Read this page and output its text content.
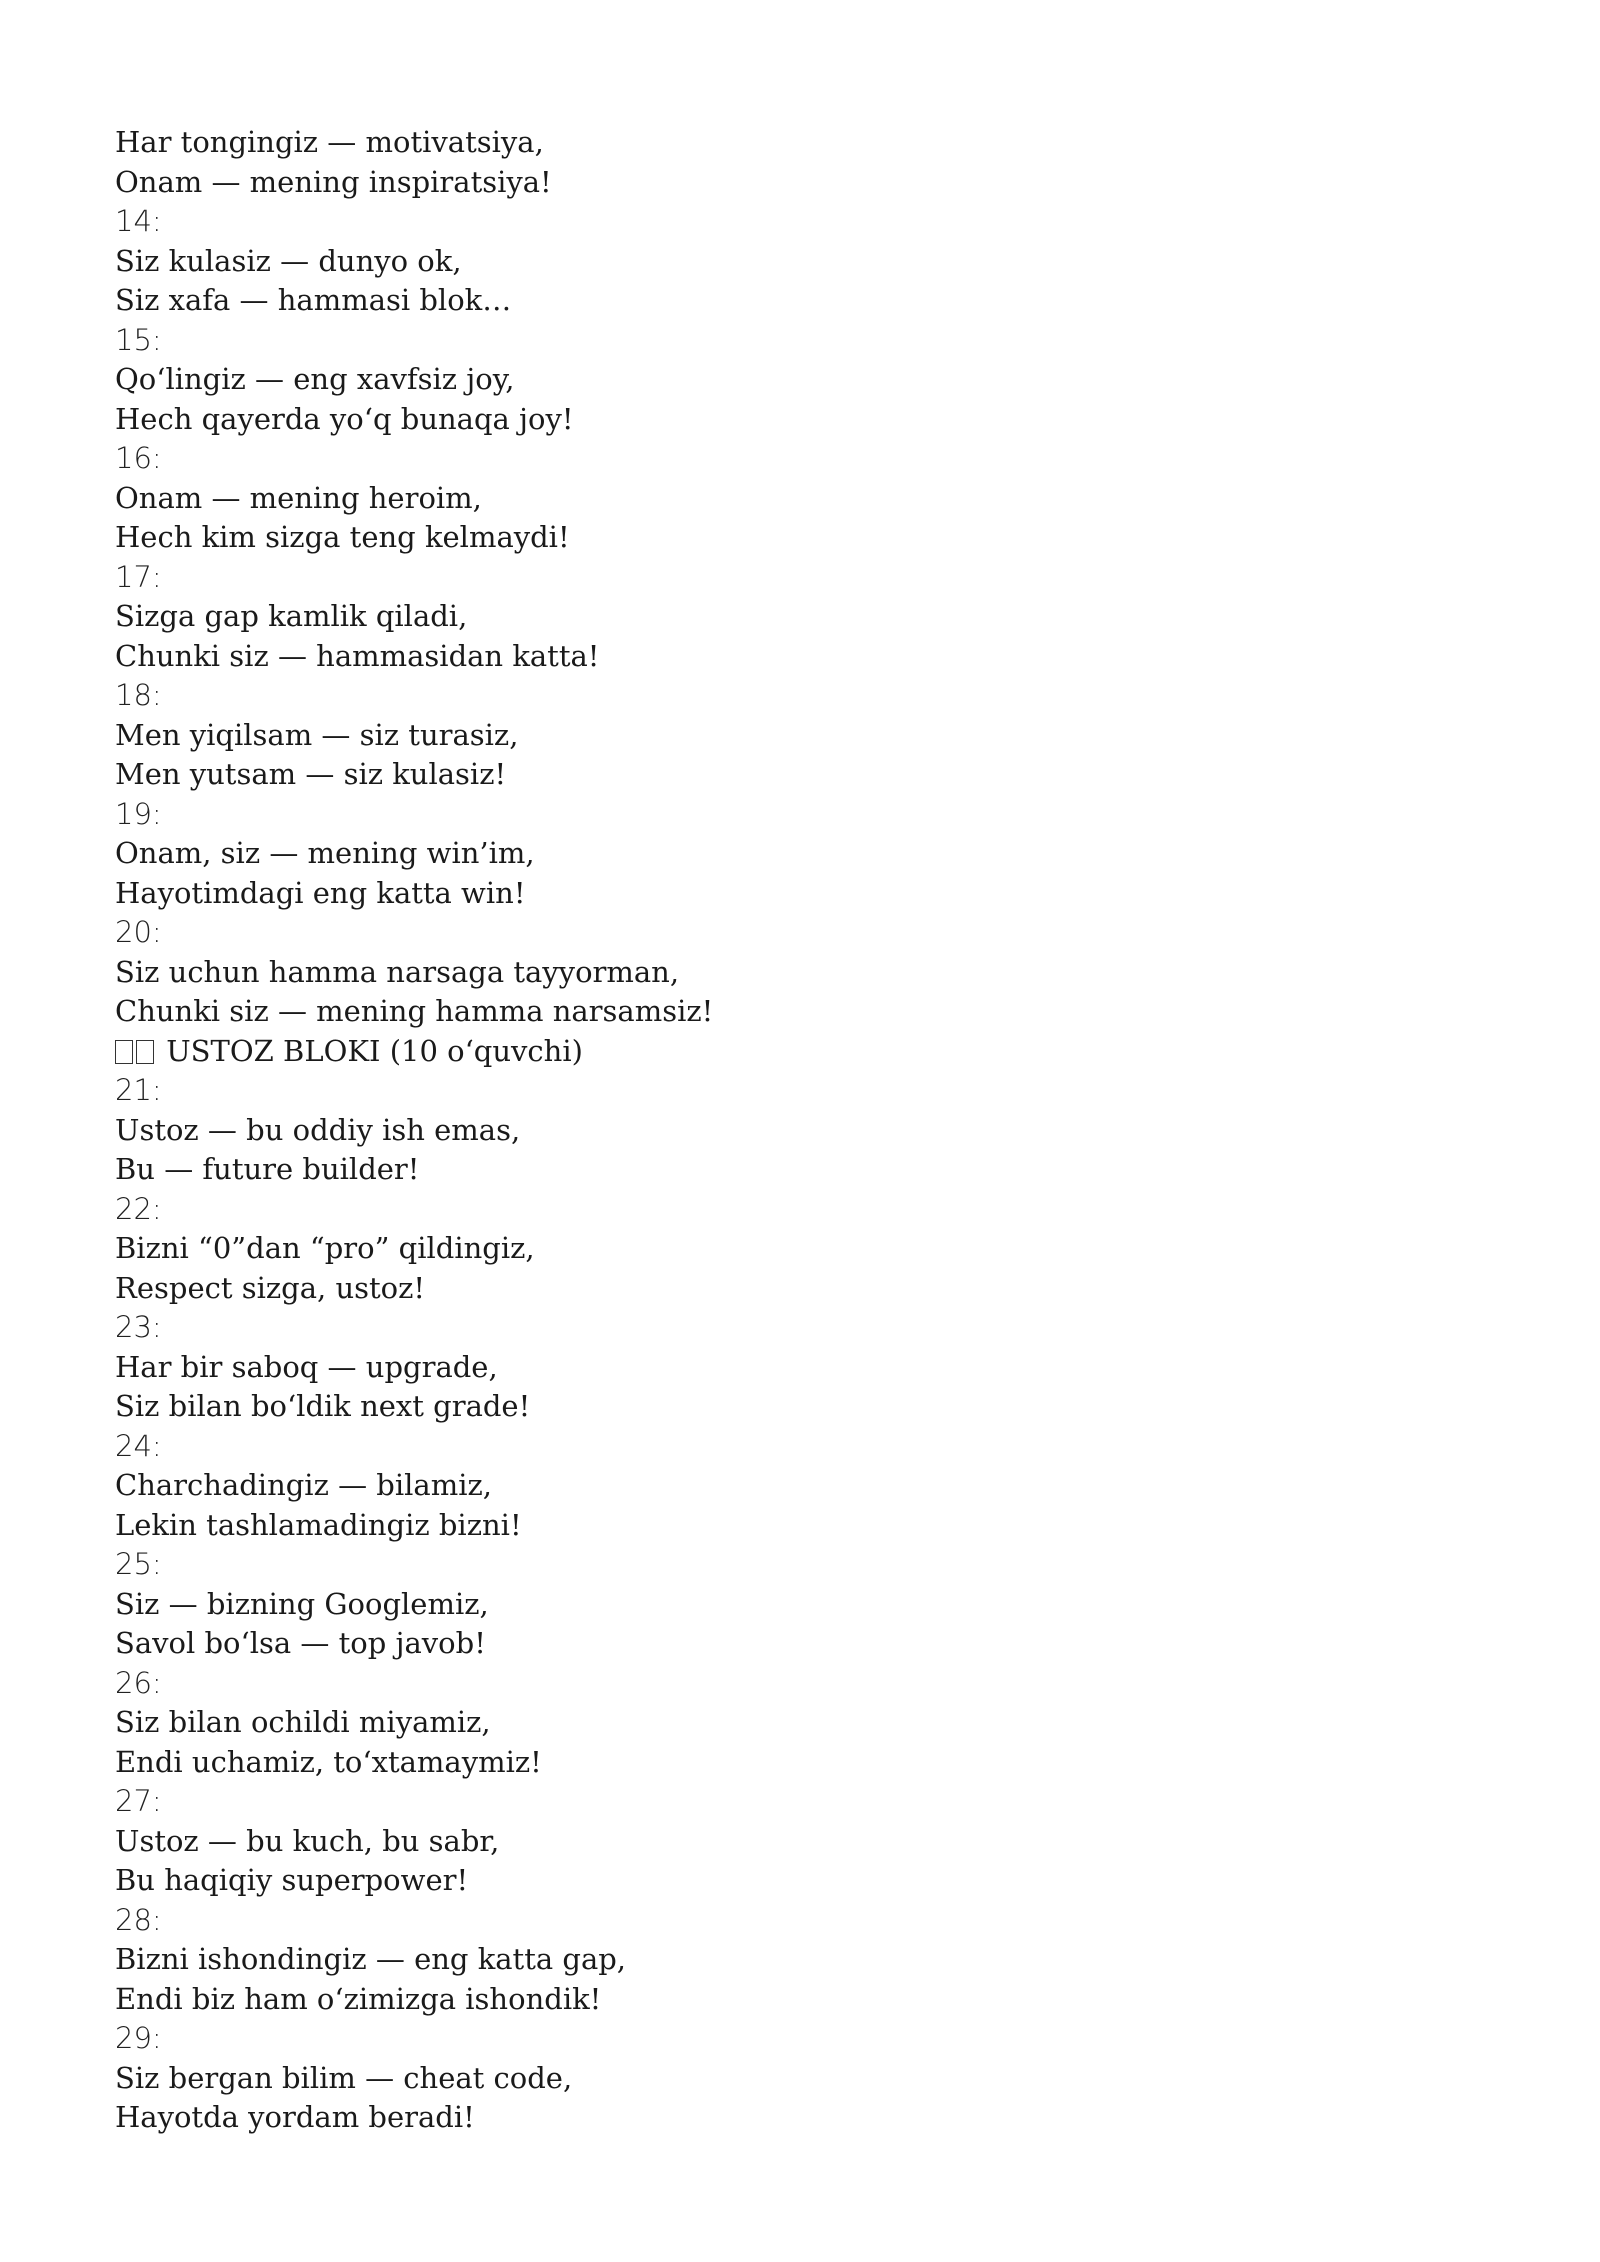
Har tongingiz — motivatsiya,
Onam — mening inspiratsiya!
14:
Siz kulasiz — dunyo ok,
Siz xafa — hammasi blok…
15:
Qoʻlingiz — eng xavfsiz joy,
Hech qayerda yoʻq bunaqa joy!
16:
Onam — mening heroim,
Hech kim sizga teng kelmaydi!
17:
Sizga gap kamlik qiladi,
Chunki siz — hammasidan katta!
18:
Men yiqilsam — siz turasiz,
Men yutsam — siz kulasiz!
19:
Onam, siz — mening win’im,
Hayotimdagi eng katta win!
20:
Siz uchun hamma narsaga tayyorman,
Chunki siz — mening hamma narsamsiz!
USTOZ BLOKI (10 oʻquvchi)
21:
Ustoz — bu oddiy ish emas,
Bu — future builder!
22:
Bizni “0”dan “pro” qildingiz,
Respect sizga, ustoz!
23:
Har bir saboq — upgrade,
Siz bilan boʻldik next grade!
24:
Charchadingiz — bilamiz,
Lekin tashlamadingiz bizni!
25:
Siz — bizning Googlemiz,
Savol boʻlsa — top javob!
26:
Siz bilan ochildi miyamiz,
Endi uchamiz, toʻxtamaymiz!
27:
Ustoz — bu kuch, bu sabr,
Bu haqiqiy superpower!
28:
Bizni ishondingiz — eng katta gap,
Endi biz ham oʻzimizga ishondik!
29:
Siz bergan bilim — cheat code,
Hayotda yordam beradi!
